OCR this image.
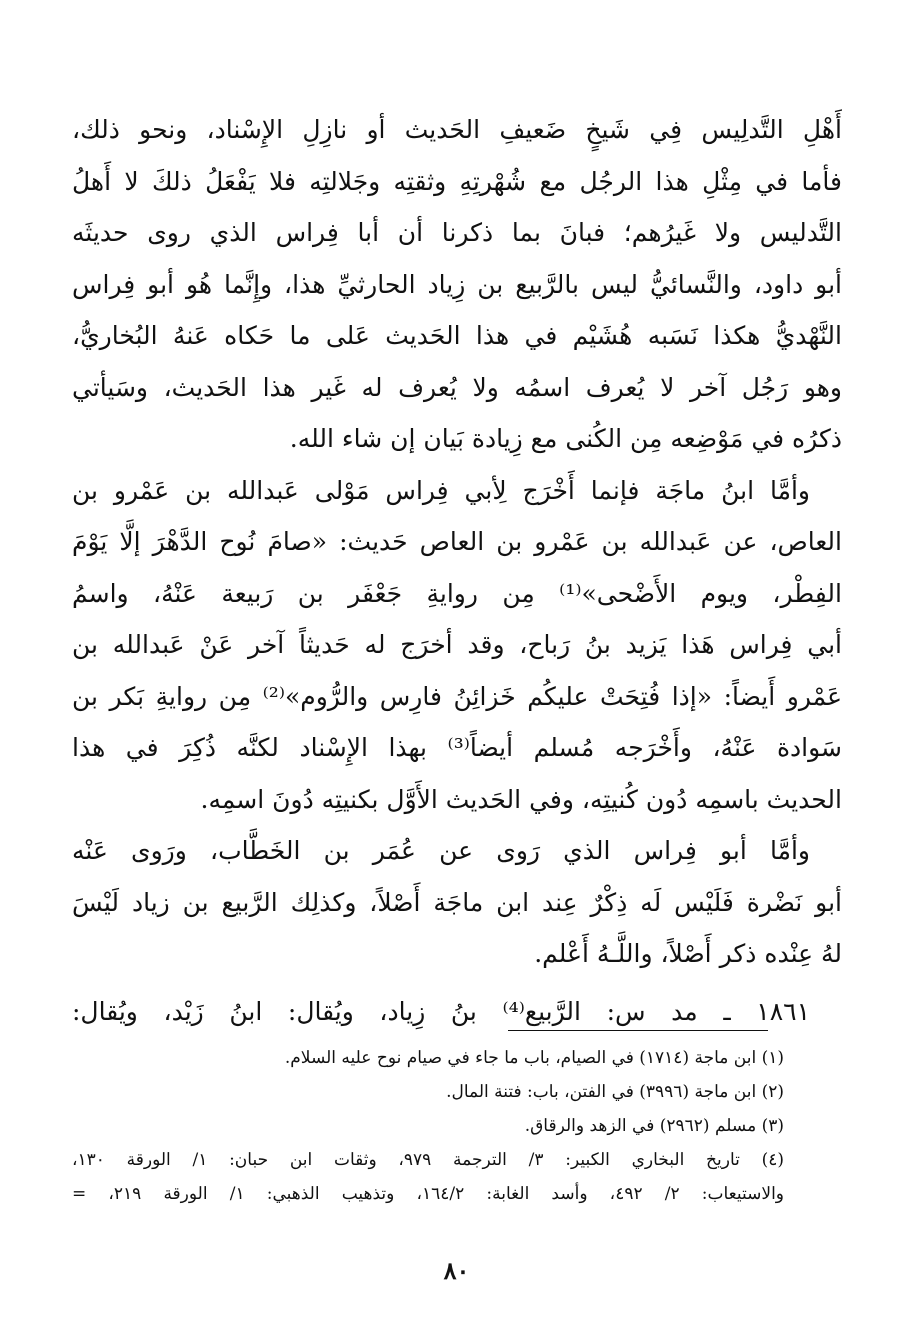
أَهْلِ التَّدلِيس فِي شَيخٍ ضَعيفِ الحَديث أو نازِلِ الإِسْناد، ونحو ذلك،
فأما في مِثْلِ هذا الرجُل مع شُهْرتِهِ وثقتِه وجَلالتِه فلا يَفْعَلُ ذلكَ لا أَهلُ
التَّدليس ولا غَيرُهم؛ فبانَ بما ذكرنا أن أبا فِراس الذي روى حديثَه
أبو داود، والنَّسائيُّ ليس بالرَّبيع بن زِياد الحارثيِّ هذا، وإِنَّما هُو أبو فِراس
النَّهْديُّ هكذا نَسَبه هُشَيْم في هذا الحَديث عَلى ما حَكاه عَنهُ البُخاريُّ،
وهو رَجُل آخر لا يُعرف اسمُه ولا يُعرف له غَير هذا الحَديث، وسَيأتي
ذكرُه في مَوْضِعه مِن الكُنى مع زِيادة بَيان إن شاء الله.
وأمَّا ابنُ ماجَة فإنما أَخْرَج لِأبي فِراس مَوْلى عَبدالله بن عَمْرو بن
العاص، عن عَبدالله بن عَمْرو بن العاص حَديث: «صامَ نُوح الدَّهْرَ إلَّا يَوْمَ
الفِطْر، ويوم الأَضْحى»⁽¹⁾ مِن روايةِ جَعْفَر بن رَبيعة عَنْهُ، واسمُ
أبي فِراس هَذا يَزيد بنُ رَباح، وقد أخرَج له حَديثاً آخر عَنْ عَبدالله بن
عَمْرو أَيضاً: «إذا فُتِحَتْ عليكُم خَزائِنُ فارِس والرُّوم»⁽²⁾ مِن روايةِ بَكر بن
سَوادة عَنْهُ، وأَخْرَجه مُسلم أيضاً⁽³⁾ بهذا الإِسْناد لكنَّه ذُكِرَ في هذا
الحديث باسمِه دُون كُنيتِه، وفي الحَديث الأَوَّل بكنيتِه دُونَ اسمِه.
وأمَّا أبو فِراس الذي رَوى عن عُمَر بن الخَطَّاب، ورَوى عَنْه
أبو نَضْرة فَلَيْس لَه ذِكْرٌ عِند ابن ماجَة أَصْلاً، وكذلِك الرَّبيع بن زياد لَيْسَ
لهُ عِنْده ذكر أَصْلاً، واللَّـهُ أَعْلم.
١٨٦١ ـ مد س: الرَّبيع⁽⁴⁾ بنُ زِياد، ويُقال: ابنُ زَيْد، ويُقال:
(١) ابن ماجة (١٧١٤) في الصيام، باب ما جاء في صيام نوح عليه السلام.
(٢) ابن ماجة (٣٩٩٦) في الفتن، باب: فتنة المال.
(٣) مسلم (٢٩٦٢) في الزهد والرقاق.
(٤) تاريخ البخاري الكبير: ٣/ الترجمة ٩٧٩، وثقات ابن حبان: ١/ الورقة ١٣٠،
والاستيعاب: ٢/ ٤٩٢، وأسد الغابة: ١٦٤/٢، وتذهيب الذهبي: ١/ الورقة ٢١٩، =
٨٠
